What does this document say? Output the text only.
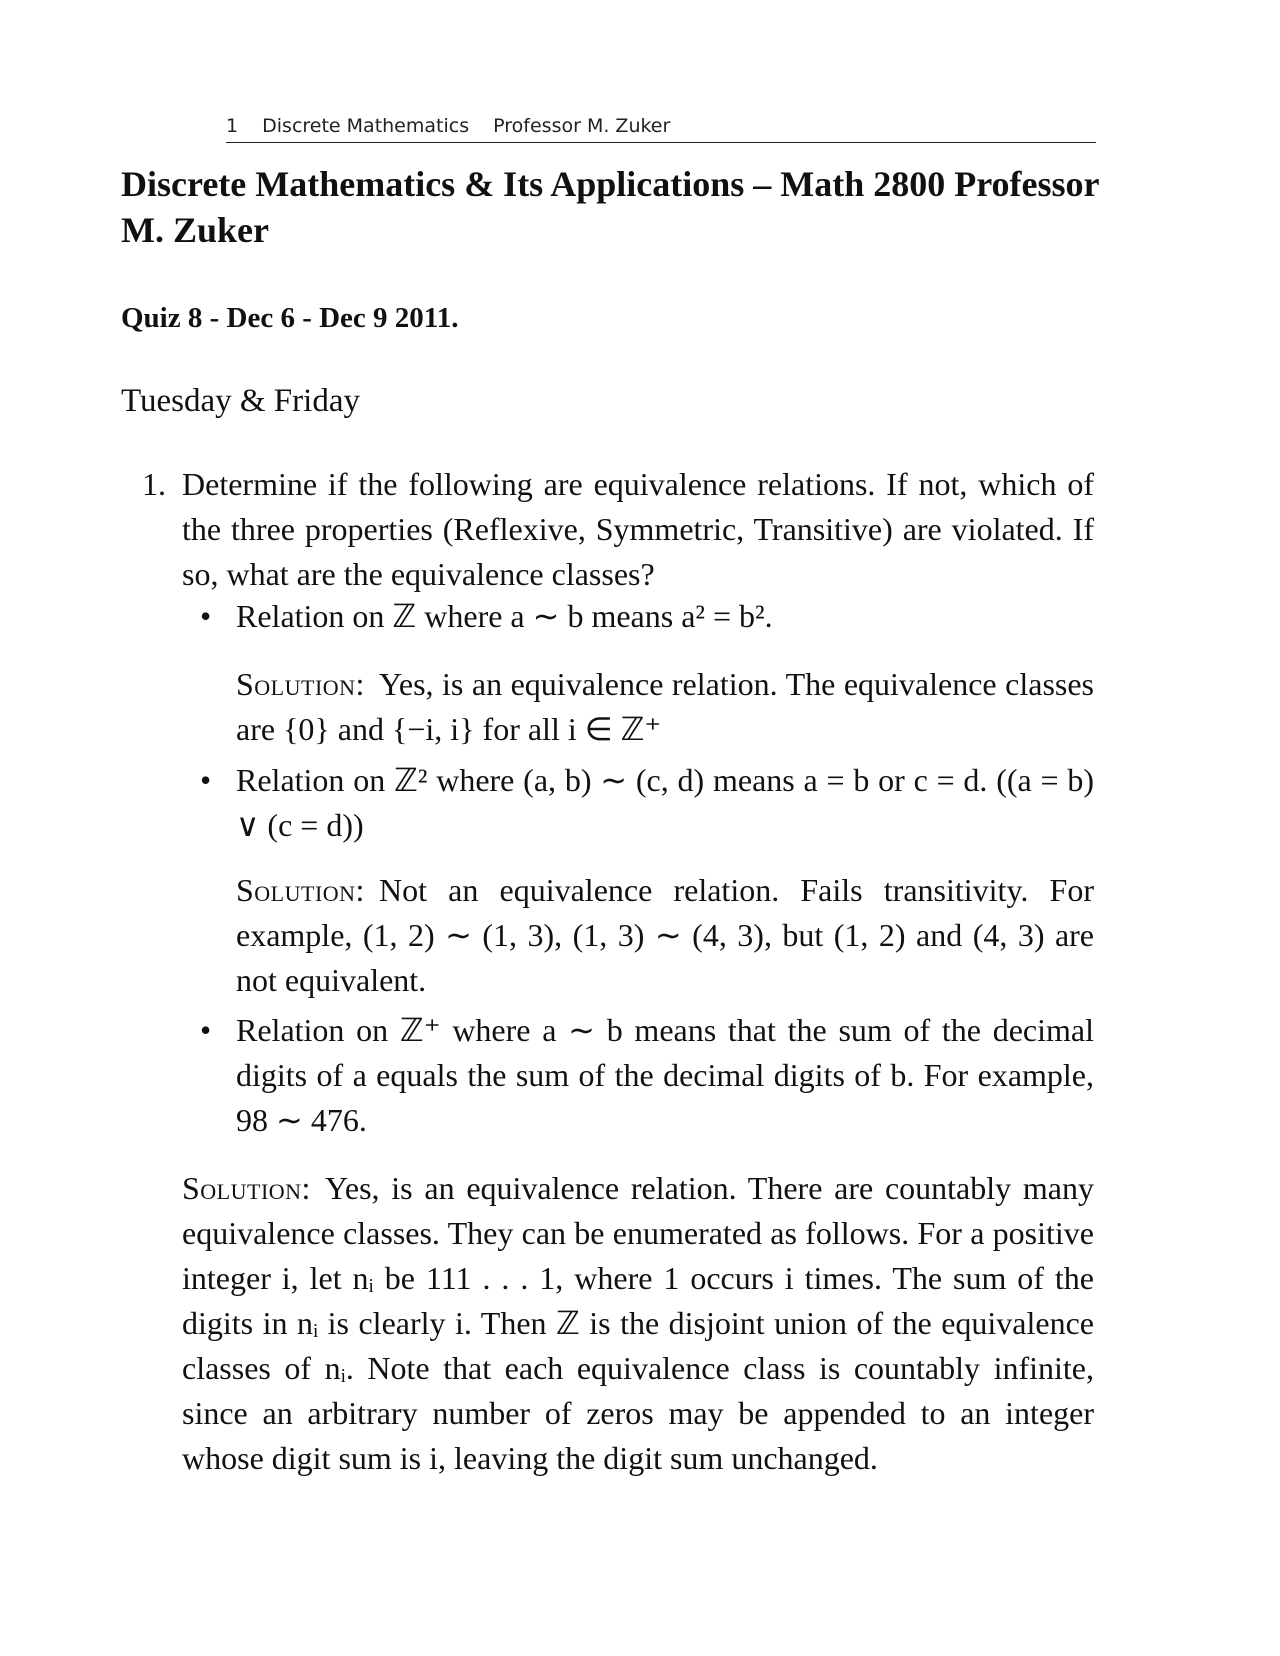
1 Discrete Mathematics Professor M. Zuker
Discrete Mathematics & Its Applications – Math 2800 Professor M. Zuker
Quiz 8 - Dec 6 - Dec 9 2011.

Tuesday & Friday

1. Determine if the following are equivalence relations. If not, which of the three properties (Reflexive, Symmetric, Transitive) are violated. If so, what are the equivalence classes?
• Relation on ℤ where a ∼ b means a² = b².
Solution: Yes, is an equivalence relation. The equivalence classes are {0} and {−i, i} for all i ∈ ℤ⁺
• Relation on ℤ² where (a, b) ∼ (c, d) means a = b or c = d. ((a = b) ∨ (c = d))
Solution: Not an equivalence relation. Fails transitivity. For example, (1, 2) ∼ (1, 3), (1, 3) ∼ (4, 3), but (1, 2) and (4, 3) are not equivalent.
• Relation on ℤ⁺ where a ∼ b means that the sum of the decimal digits of a equals the sum of the decimal digits of b. For example, 98 ∼ 476.
Solution: Yes, is an equivalence relation. There are countably many equivalence classes. They can be enumerated as follows. For a positive integer i, let nᵢ be 111 . . . 1, where 1 occurs i times. The sum of the digits in nᵢ is clearly i. Then ℤ is the disjoint union of the equivalence classes of nᵢ. Note that each equivalence class is countably infinite, since an arbitrary number of zeros may be appended to an integer whose digit sum is i, leaving the digit sum unchanged.
